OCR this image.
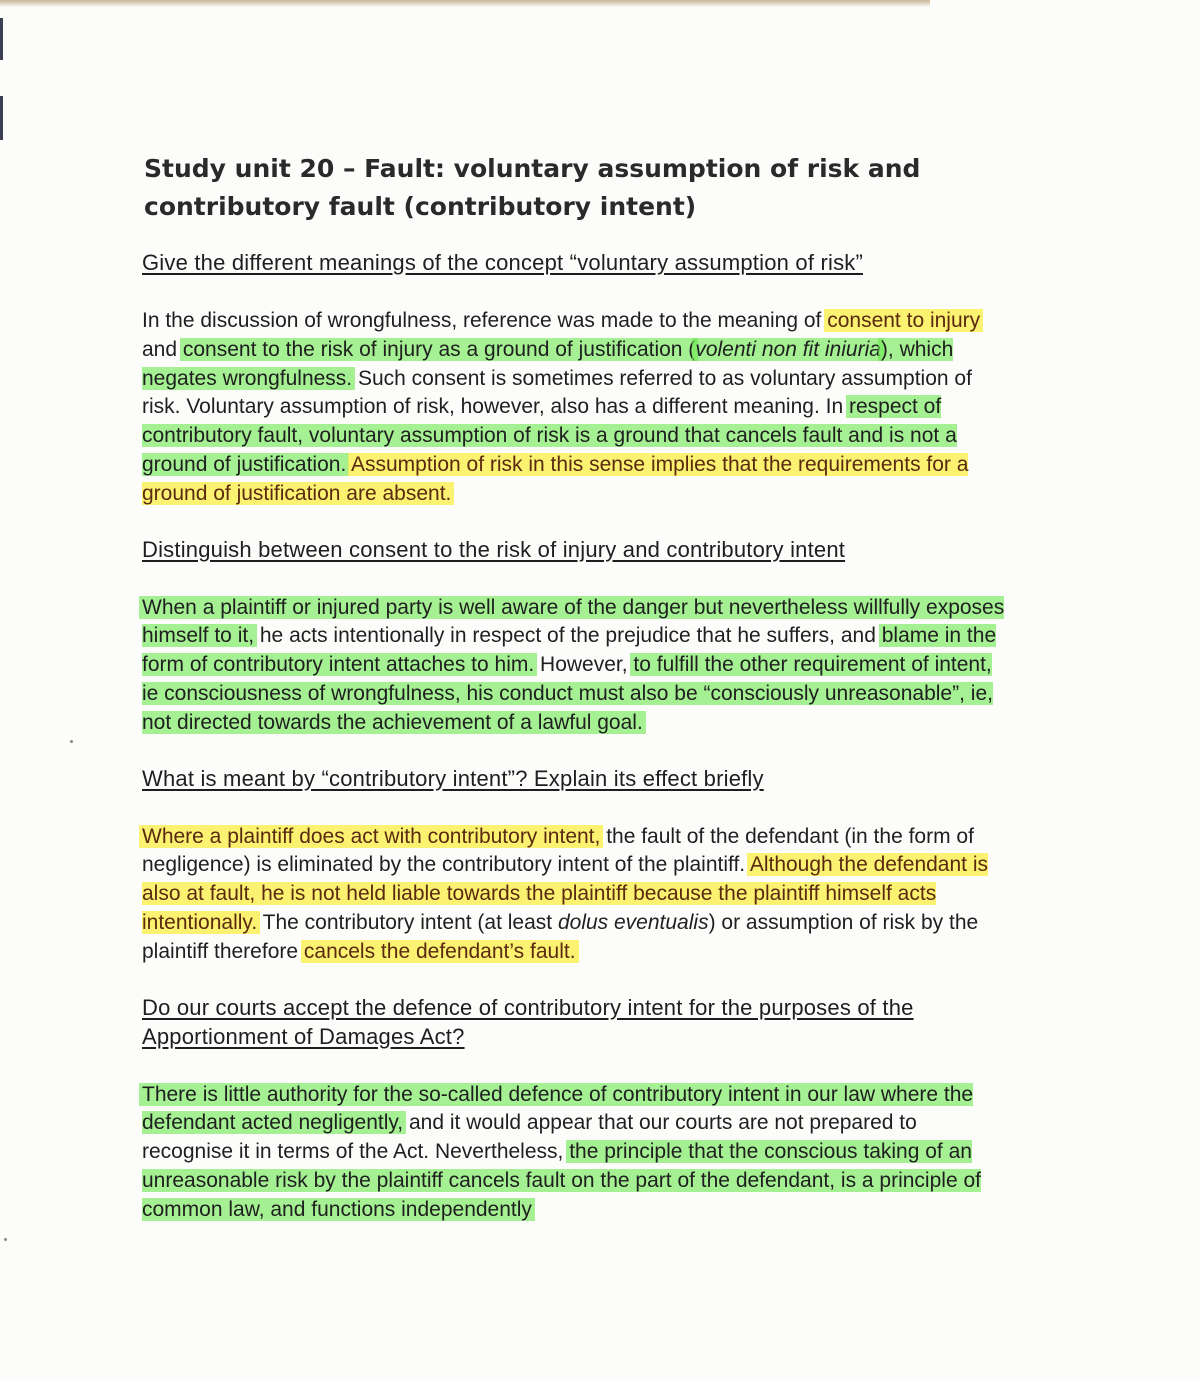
Study unit 20 – Fault: voluntary assumption of risk and contributory fault (contributory intent)
Give the different meanings of the concept “voluntary assumption of risk”

In the discussion of wrongfulness, reference was made to the meaning of consent to injury and consent to the risk of injury as a ground of justification (volenti non fit iniuria), which negates wrongfulness. Such consent is sometimes referred to as voluntary assumption of risk. Voluntary assumption of risk, however, also has a different meaning. In respect of contributory fault, voluntary assumption of risk is a ground that cancels fault and is not a ground of justification. Assumption of risk in this sense implies that the requirements for a ground of justification are absent.

Distinguish between consent to the risk of injury and contributory intent

When a plaintiff or injured party is well aware of the danger but nevertheless willfully exposes himself to it, he acts intentionally in respect of the prejudice that he suffers, and blame in the form of contributory intent attaches to him. However, to fulfill the other requirement of intent, ie consciousness of wrongfulness, his conduct must also be “consciously unreasonable”, ie, not directed towards the achievement of a lawful goal.

What is meant by “contributory intent”? Explain its effect briefly

Where a plaintiff does act with contributory intent, the fault of the defendant (in the form of negligence) is eliminated by the contributory intent of the plaintiff. Although the defendant is also at fault, he is not held liable towards the plaintiff because the plaintiff himself acts intentionally. The contributory intent (at least dolus eventualis) or assumption of risk by the plaintiff therefore cancels the defendant’s fault.

Do our courts accept the defence of contributory intent for the purposes of the Apportionment of Damages Act?

There is little authority for the so-called defence of contributory intent in our law where the defendant acted negligently, and it would appear that our courts are not prepared to recognise it in terms of the Act. Nevertheless, the principle that the conscious taking of an unreasonable risk by the plaintiff cancels fault on the part of the defendant, is a principle of common law, and functions independently
